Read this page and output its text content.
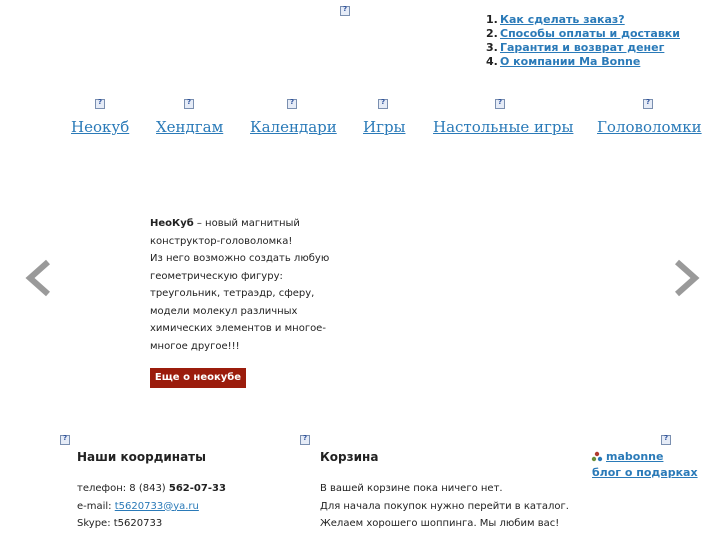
?
?
?
?
?
?
?
?
?
?
1. Как сделать заказ?
2. Способы оплаты и доставки
3. Гарантия и возврат денег
4. О компании Ma Bonne
Неокуб Хендгам Календари Игры Настольные игры Головоломки
НеоКуб – новый магнитный
конструктор-головоломка!
Из него возможно создать любую
геометрическую фигуру:
треугольник, тетраэдр, сферу,
модели молекул различных
химических элементов и многое-
многое другое!!!
Еще о неокубе
Наши координаты
телефон: 8 (843) 562-07-33
e-mail: t5620733@ya.ru
Skype: t5620733
Корзина
В вашей корзине пока ничего нет.
Для начала покупок нужно перейти в каталог.
Желаем хорошего шоппинга. Мы любим вас!
mabonne
блог о подарках
